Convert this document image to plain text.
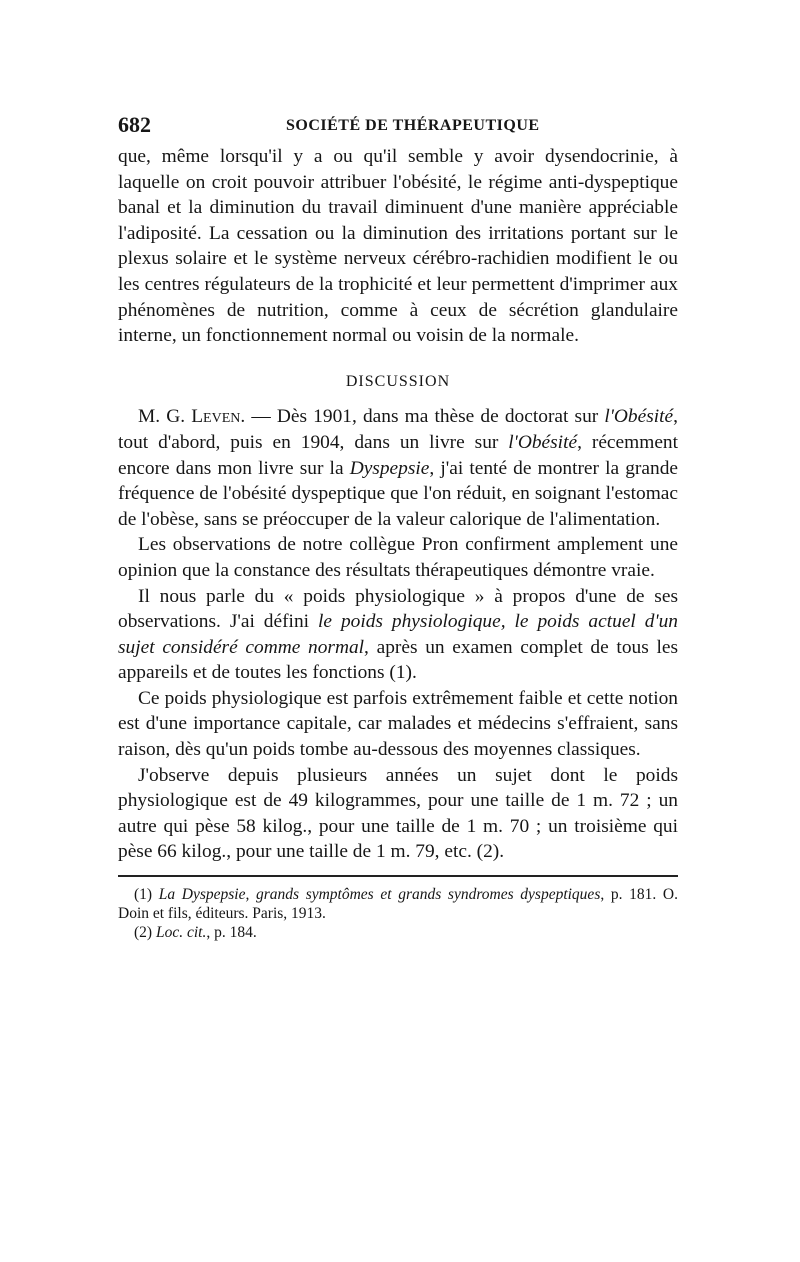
682	SOCIÉTÉ DE THÉRAPEUTIQUE

que, même lorsqu'il y a ou qu'il semble y avoir dysendocrinie, à laquelle on croit pouvoir attribuer l'obésité, le régime anti-dyspeptique banal et la diminution du travail diminuent d'une manière appréciable l'adiposité. La cessation ou la diminution des irritations portant sur le plexus solaire et le système nerveux cérébro-rachidien modifient le ou les centres régulateurs de la trophicité et leur permettent d'imprimer aux phénomènes de nutrition, comme à ceux de sécrétion glandulaire interne, un fonctionnement normal ou voisin de la normale.

DISCUSSION

M. G. Leven. — Dès 1901, dans ma thèse de doctorat sur l'Obésité, tout d'abord, puis en 1904, dans un livre sur l'Obésité, récemment encore dans mon livre sur la Dyspepsie, j'ai tenté de montrer la grande fréquence de l'obésité dyspeptique que l'on réduit, en soignant l'estomac de l'obèse, sans se préoccuper de la valeur calorique de l'alimentation.

Les observations de notre collègue Pron confirment amplement une opinion que la constance des résultats thérapeutiques démontre vraie.

Il nous parle du « poids physiologique » à propos d'une de ses observations. J'ai défini le poids physiologique, le poids actuel d'un sujet considéré comme normal, après un examen complet de tous les appareils et de toutes les fonctions (1).

Ce poids physiologique est parfois extrêmement faible et cette notion est d'une importance capitale, car malades et médecins s'effraient, sans raison, dès qu'un poids tombe au-dessous des moyennes classiques.

J'observe depuis plusieurs années un sujet dont le poids physiologique est de 49 kilogrammes, pour une taille de 1 m. 72 ; un autre qui pèse 58 kilog., pour une taille de 1 m. 70 ; un troisième qui pèse 66 kilog., pour une taille de 1 m. 79, etc. (2).

(1) La Dyspepsie, grands symptômes et grands syndromes dyspeptiques, p. 181. O. Doin et fils, éditeurs. Paris, 1913.

(2) Loc. cit., p. 184.
